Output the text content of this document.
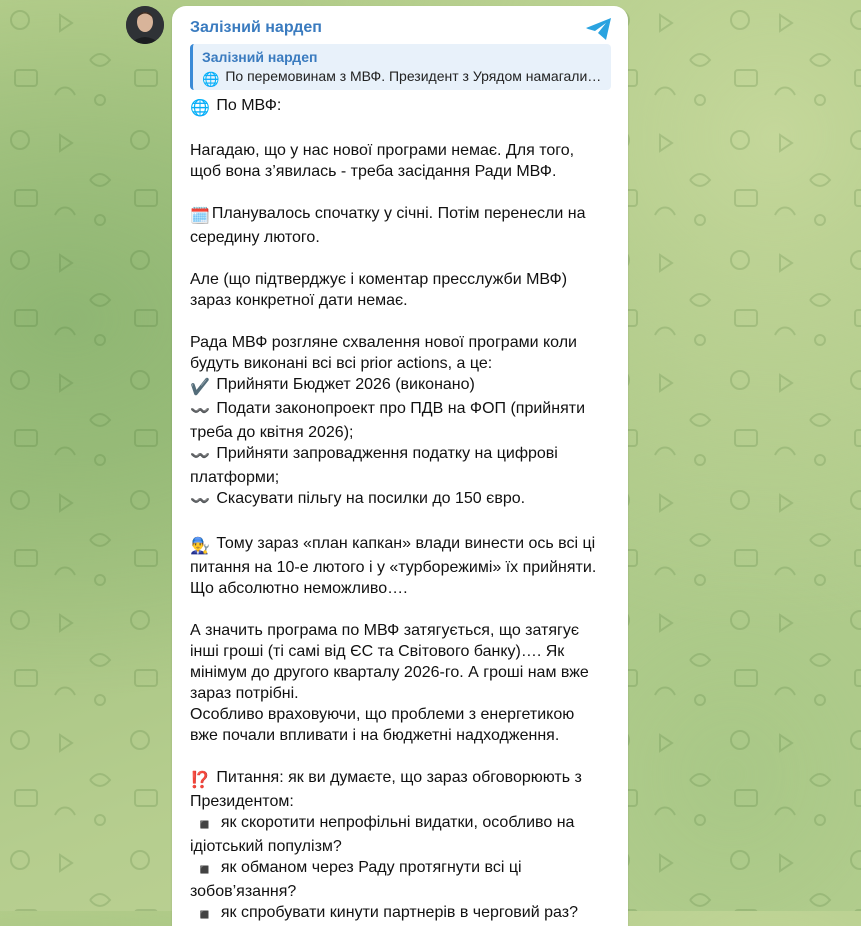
Залізний нардеп
Залізний нардеп
🌐 По перемовинам з МВФ. Президент з Урядом намагали…

🌐 По МВФ:

Нагадаю, що у нас нової програми немає. Для того,
щоб вона з’явилась - треба засідання Ради МВФ.

🗓️ Планувалось спочатку у січні. Потім перенесли на
середину лютого.

Але (що підтверджує і коментар пресслужби МВФ)
зараз конкретної дати немає.

Рада МВФ розгляне схвалення нової програми коли
будуть виконані всі всі prior actions, а це:

✔️ Прийняти Бюджет 2026 (виконано)

〰️ Подати законопроект про ПДВ на ФОП (прийняти
треба до квітня 2026);

〰️ Прийняти запровадження податку на цифрові
платформи;

〰️ Скасувати пільгу на посилки до 150 євро.

👨‍🔧 Тому зараз «план капкан» влади винести ось всі ці
питання на 10-е лютого і у «турборежимі» їх прийняти.
Що абсолютно неможливо….

А значить програма по МВФ затягується, що затягує
інші гроші (ті самі від ЄС та Світового банку)…. Як
мінімум до другого кварталу 2026-го. А гроші нам вже
зараз потрібні.
Особливо враховуючи, що проблеми з енергетикою
вже почали впливати і на бюджетні надходження.

⁉️ Питання: як ви думаєте, що зараз обговорюють з
Президентом:

◾ як скоротити непрофільні видатки, особливо на
ідіотський популізм?

◾ як обманом через Раду протягнути всі ці
зобов’язання?

◾ як спробувати кинути партнерів в черговий раз?
